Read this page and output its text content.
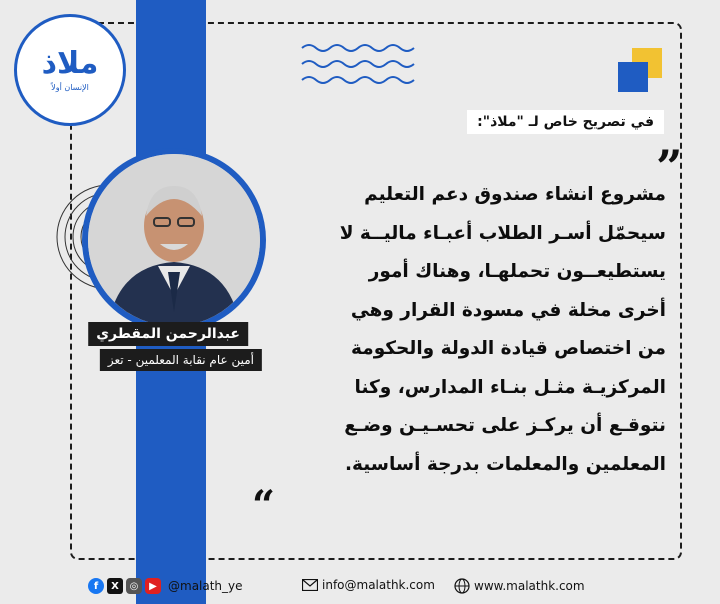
ملاذ
الإنسان أولاً
في تصريح خاص لـ "ملاذ":
عبدالرحمن المقطري
أمين عام نقابة المعلمين - تعز
”
مشروع انشاء صندوق دعم التعليم
سيحمّل أسـر الطلاب أعبـاء ماليــة لا
يستطيعــون تحملهـا، وهناك أمور
أخرى مخلة في مسودة القرار وهي
من اختصاص قيادة الدولة والحكومة
المركزيـة مثـل بنـاء المدارس، وكنا
نتوقـع أن يركـز على تحسـيـن وضـع
المعلمين والمعلمات بدرجة أساسية.
“
f	X	◎	▶ @malath_ye	info@malathk.com	www.malathk.com
